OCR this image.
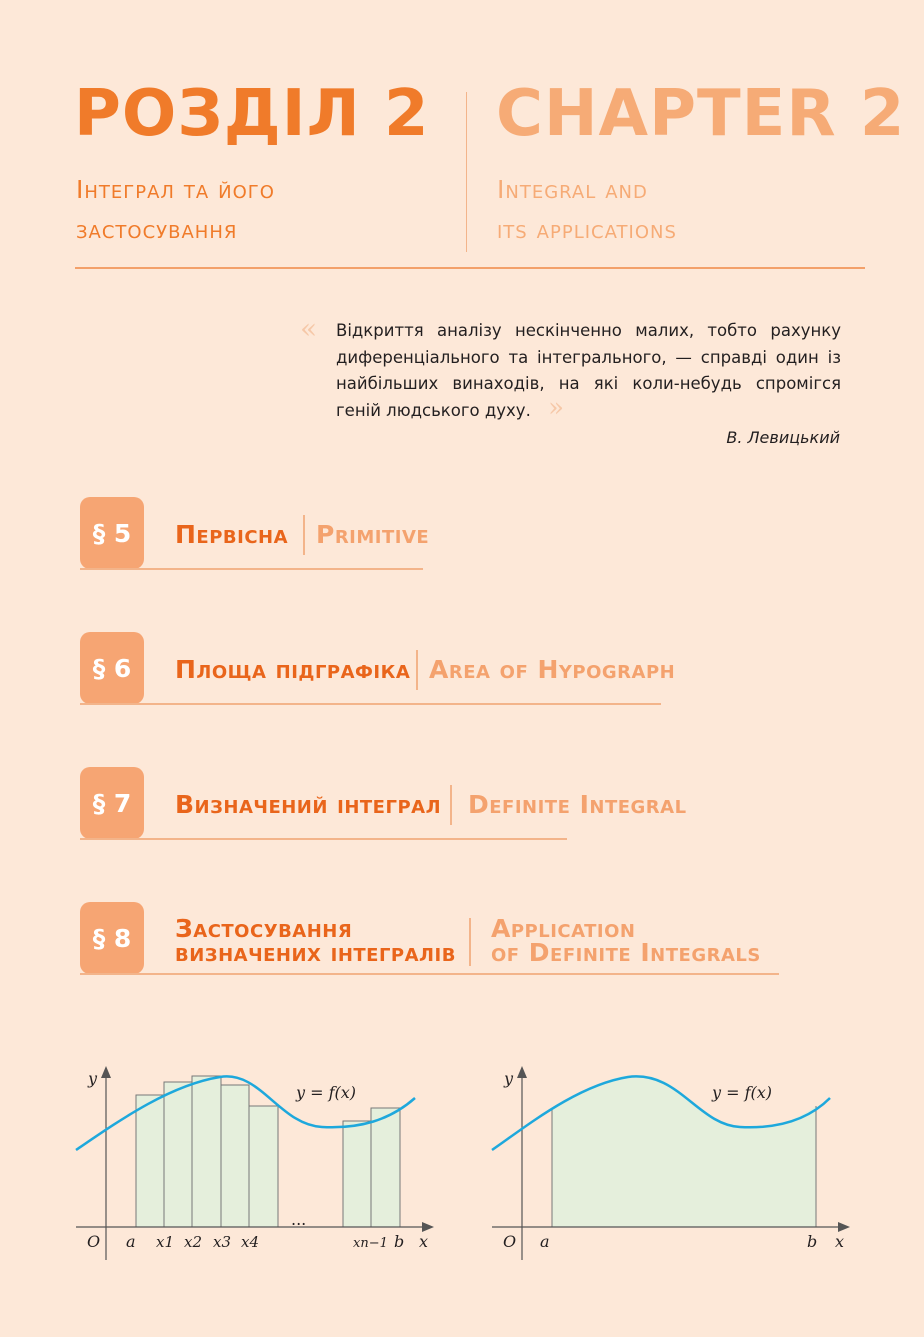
РОЗДІЛ 2 CHAPTER 2
Інтеграл та його
застосування
Integral and
its applications
« Відкриття аналізу нескінченно малих, тобто рахунку диференціального та інтегрального, — справді один із найбільших винаходів, на які коли-небудь спромігся геній людського духу. »
В. Левицький
§ 5	Первісна Primitive
§ 6	Площа підграфіка Area of Hypograph
§ 7	Визначений інтеграл Definite Integral
§ 8	Застосування
визначених інтегралів
Application
of Definite Integrals
y
y = f(x)
O a x1 x2 x3 x4
...
xn−1 b x
y
y = f(x)
O a	b x
